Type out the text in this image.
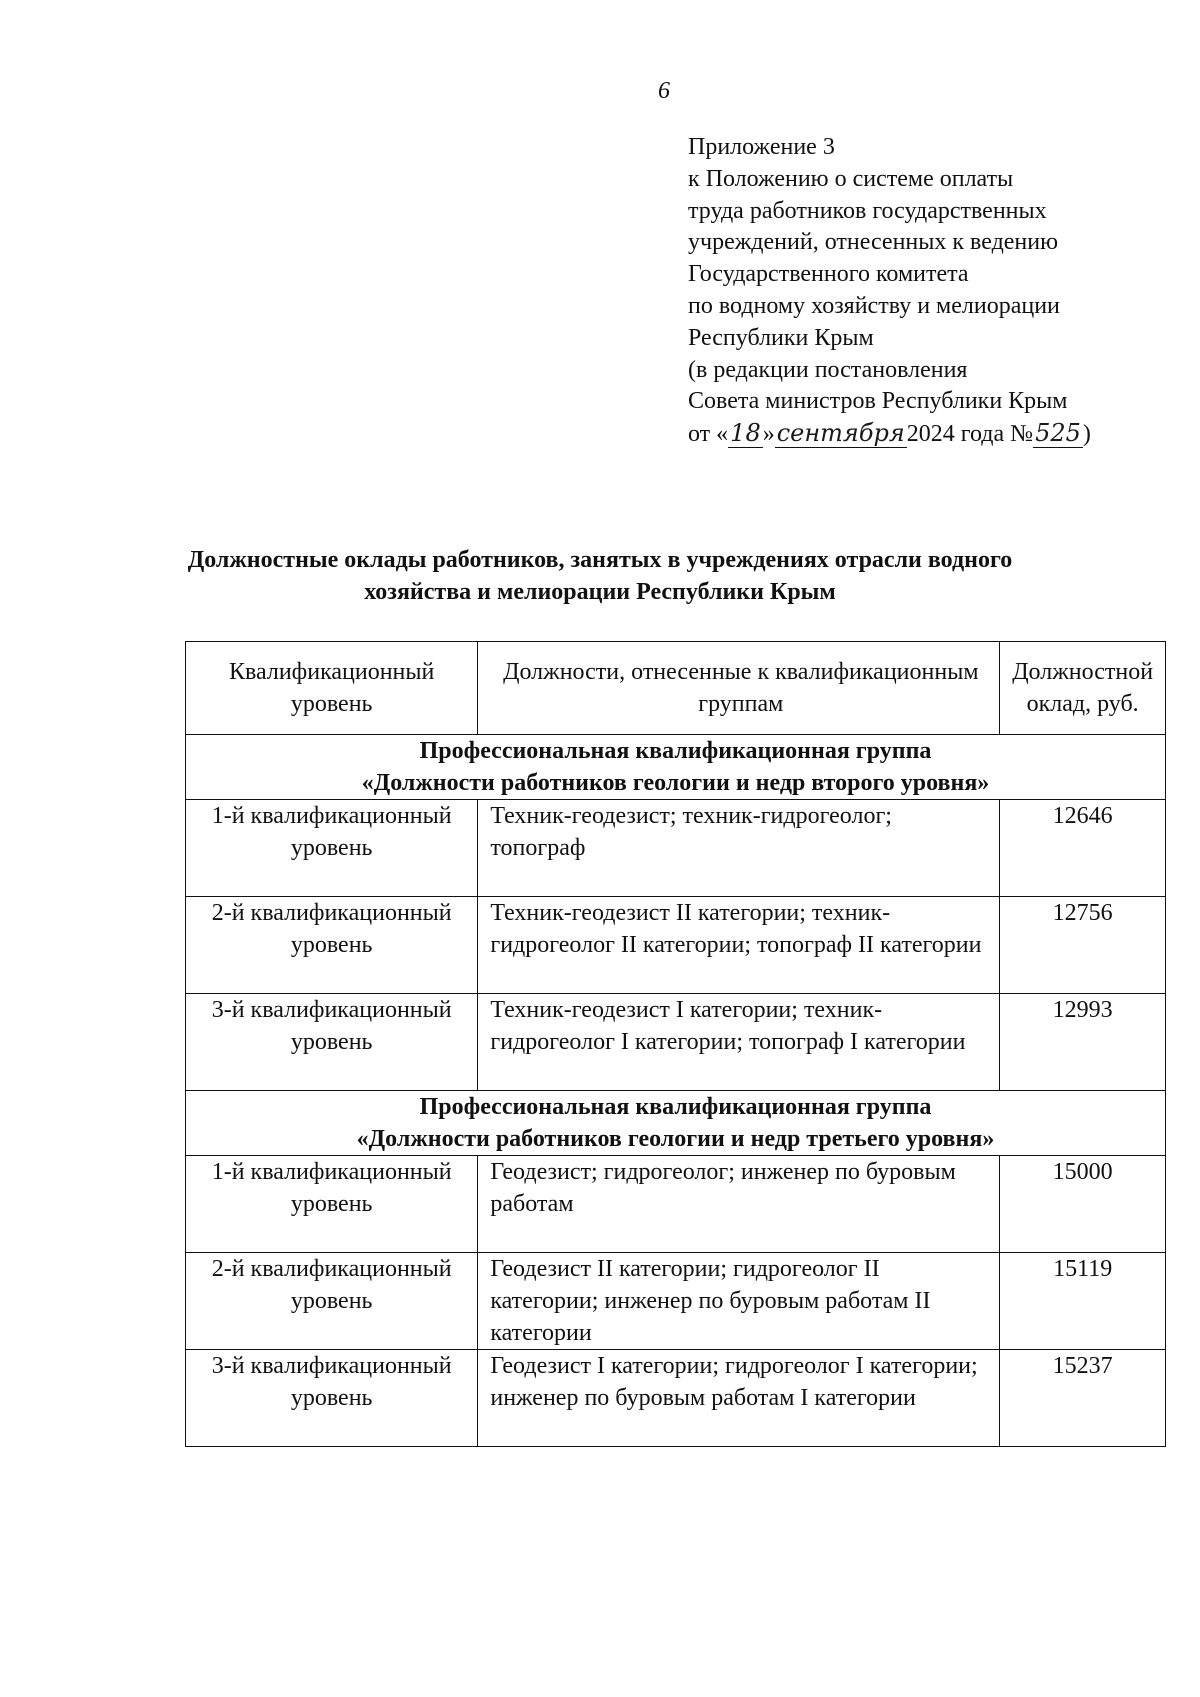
6
Приложение 3
к Положению о системе оплаты
труда работников государственных
учреждений, отнесенных к ведению
Государственного комитета
по водному хозяйству и мелиорации
Республики Крым
(в редакции постановления
Совета министров Республики Крым
от «18»сентября2024 года №525)
Должностные оклады работников, занятых в учреждениях отрасли водного
хозяйства и мелиорации Республики Крым
Квалификационный уровень	Должности, отнесенные к квалификационным группам	Должностной оклад, руб.

Профессиональная квалификационная группа
«Должности работников геологии и недр второго уровня»		

1-й квалификационный уровень	Техник-геодезист; техник-гидрогеолог; топограф	12646
2-й квалификационный уровень	Техник-геодезист II категории; техник-гидрогеолог II категории; топограф II категории	12756
3-й квалификационный уровень	Техник-геодезист I категории; техник-гидрогеолог I категории; топограф I категории	12993

Профессиональная квалификационная группа
«Должности работников геологии и недр третьего уровня»		

1-й квалификационный уровень	Геодезист; гидрогеолог; инженер по буровым работам	15000
2-й квалификационный уровень	Геодезист II категории; гидрогеолог II категории; инженер по буровым работам II категории	15119
3-й квалификационный уровень	Геодезист I категории; гидрогеолог I категории; инженер по буровым работам I категории	15237
